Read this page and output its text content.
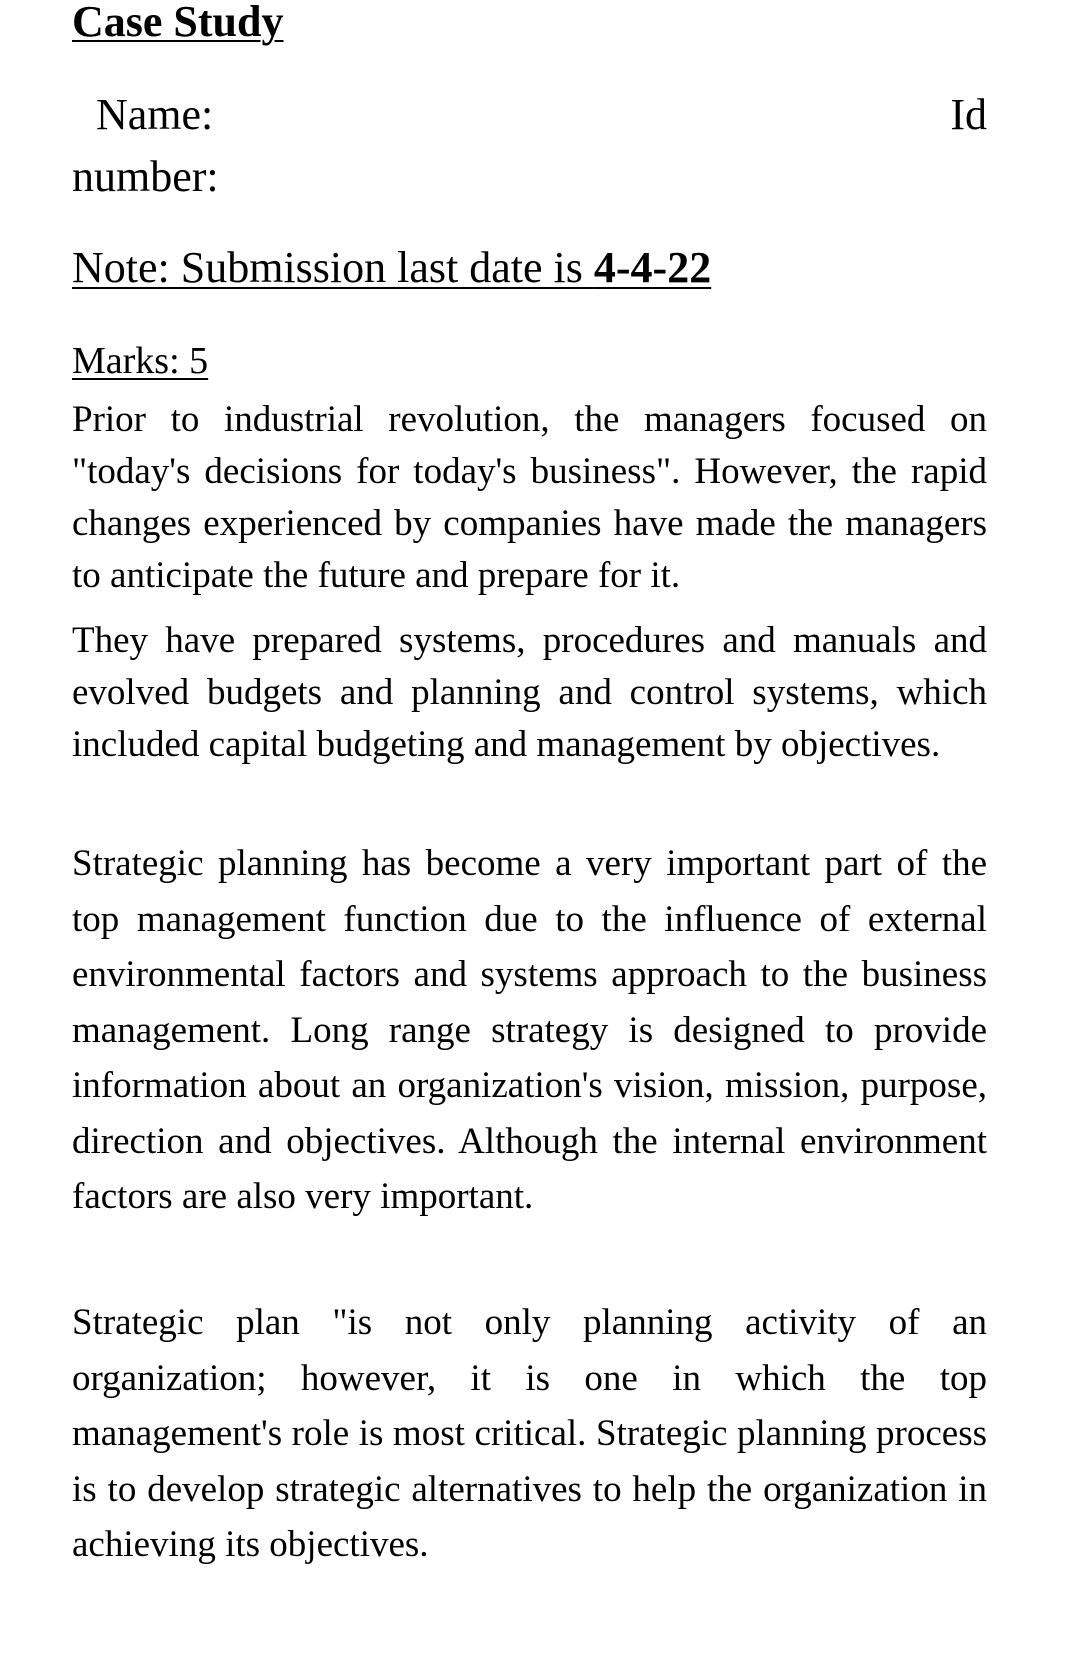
Case Study
Name:	Id
number:
Note: Submission last date is 4-4-22
Marks: 5

Prior to industrial revolution, the managers focused on "today's decisions for today's business". However, the rapid changes experienced by companies have made the managers to anticipate the future and prepare for it.

They have prepared systems, procedures and manuals and evolved budgets and planning and control systems, which included capital budgeting and management by objectives.

Strategic planning has become a very important part of the top management function due to the influence of external environmental factors and systems approach to the business management. Long range strategy is designed to provide information about an organization's vision, mission, purpose, direction and objectives. Although the internal environment factors are also very important.

Strategic plan "is not only planning activity of an organization; however, it is one in which the top management's role is most critical. Strategic planning process is to develop strategic alternatives to help the organization in achieving its objectives.
